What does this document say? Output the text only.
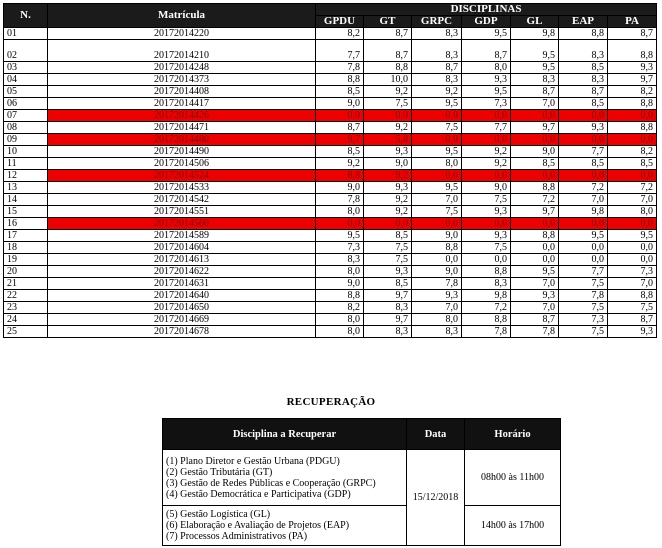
N.	Matrícula	DISCIPLINAS						
		GPDU	GT	GRPC	GDP	GL	EAP	PA
01	20172014220	8,2	8,7	8,3	9,5	9,8	8,8	8,7
02	20172014210	7,7	8,7	8,3	8,7	9,5	8,3	8,8
03	20172014248	7,8	8,8	8,7	8,0	9,5	8,5	9,3
04	20172014373	8,8	10,0	8,3	9,3	8,3	8,3	9,7
05	20172014408	8,5	9,2	9,2	9,5	8,7	8,7	8,2
06	20172014417	9,0	7,5	9,5	7,3	7,0	8,5	8,8
07	20172014426	0,0	0,0	0,0	0,0	0,0	0,0	0,0
08	20172014471	8,7	9,2	7,5	7,7	9,7	9,3	8,8
09	20172014480	9,7	5,8	0,0	0,0	0,0	0,0	0,0
10	20172014490	8,5	9,3	9,5	9,2	9,0	7,7	8,2
11	20172014506	9,2	9,0	8,0	9,2	8,5	8,5	8,5
12	20172014524	8,8	9,2	0,0	0,0	0,0	0,0	0,0
13	20172014533	9,0	9,3	9,5	9,0	8,8	7,2	7,2
14	20172014542	7,8	9,2	7,0	7,5	7,2	7,0	7,0
15	20172014551	8,0	9,2	7,5	9,3	9,7	9,8	8,0
16	20172014560	0,0	0,0	0,0	0,0	0,0	0,0	0,0
17	20172014589	9,5	8,5	9,0	9,3	8,8	9,5	9,5
18	20172014604	7,3	7,5	8,8	7,5	0,0	0,0	0,0
19	20172014613	8,3	7,5	0,0	0,0	0,0	0,0	0,0
20	20172014622	8,0	9,3	9,0	8,8	9,5	7,7	7,3
21	20172014631	9,0	8,5	7,8	8,3	7,0	7,5	7,0
22	20172014640	8,8	9,7	9,3	9,8	9,3	7,8	8,8
23	20172014650	8,2	8,3	7,0	7,2	7,0	7,5	7,5
24	20172014669	8,0	9,7	8,0	8,8	8,7	7,3	8,7
25	20172014678	8,0	8,3	8,3	7,8	7,8	7,5	9,3
RECUPERAÇÃO
Disciplina a Recuperar	Data	Horário

(1) Plano Diretor e Gestão Urbana (PDGU)
(2) Gestão Tributária (GT)
(3) Gestão de Redes Públicas e Cooperação (GRPC)
(4) Gestão Democrática e Participativa (GDP)	15/12/2018	08h00 às 11h00

(5) Gestão Logística (GL)
(6) Elaboração e Avaliação de Projetos (EAP)
(7) Processos Administrativos (PA)		14h00 às 17h00
